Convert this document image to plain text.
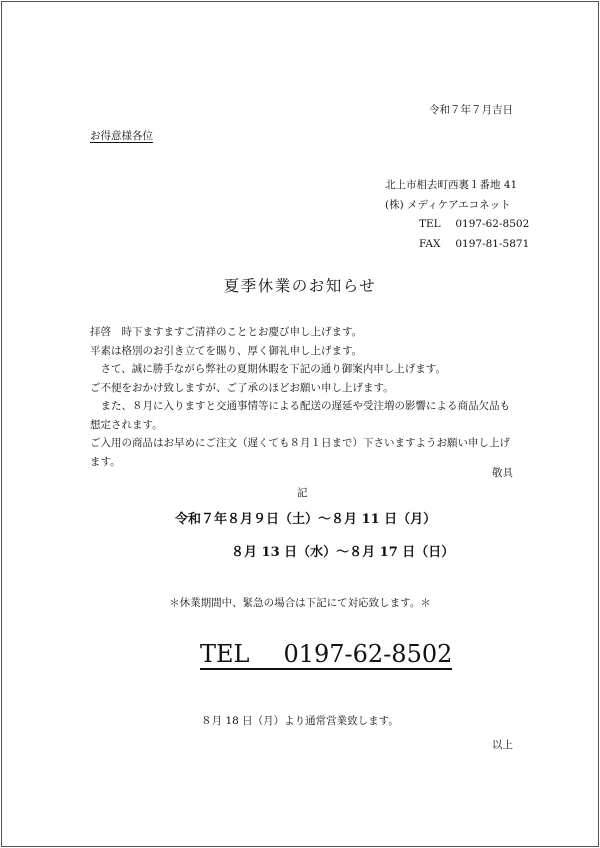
令和７年７月吉日
お得意様各位
北上市相去町西裏１番地 41
(株) メディケアエコネット
TEL 0197-62-8502
FAX 0197-81-5871
夏季休業のお知らせ

拝啓　時下ますますご清祥のこととお慶び申し上げます。

平素は格別のお引き立てを賜り、厚く御礼申し上げます。

　さて、誠に勝手ながら弊社の夏期休暇を下記の通り御案内申し上げます。

ご不便をおかけ致しますが、ご了承のほどお願い申し上げます。

　また、８月に入りますと交通事情等による配送の遅延や受注増の影響による商品欠品も

想定されます。

ご入用の商品はお早めにご注文（遅くても８月１日まで）下さいますようお願い申し上げ

ます。

敬具
記
令和７年８月９日（土）～８月 11 日（月）
８月 13 日（水）～８月 17 日（日）
＊休業期間中、緊急の場合は下記にて対応致します。＊
TEL 0197-62-8502
８月 18 日（月）より通常営業致します。
以上
